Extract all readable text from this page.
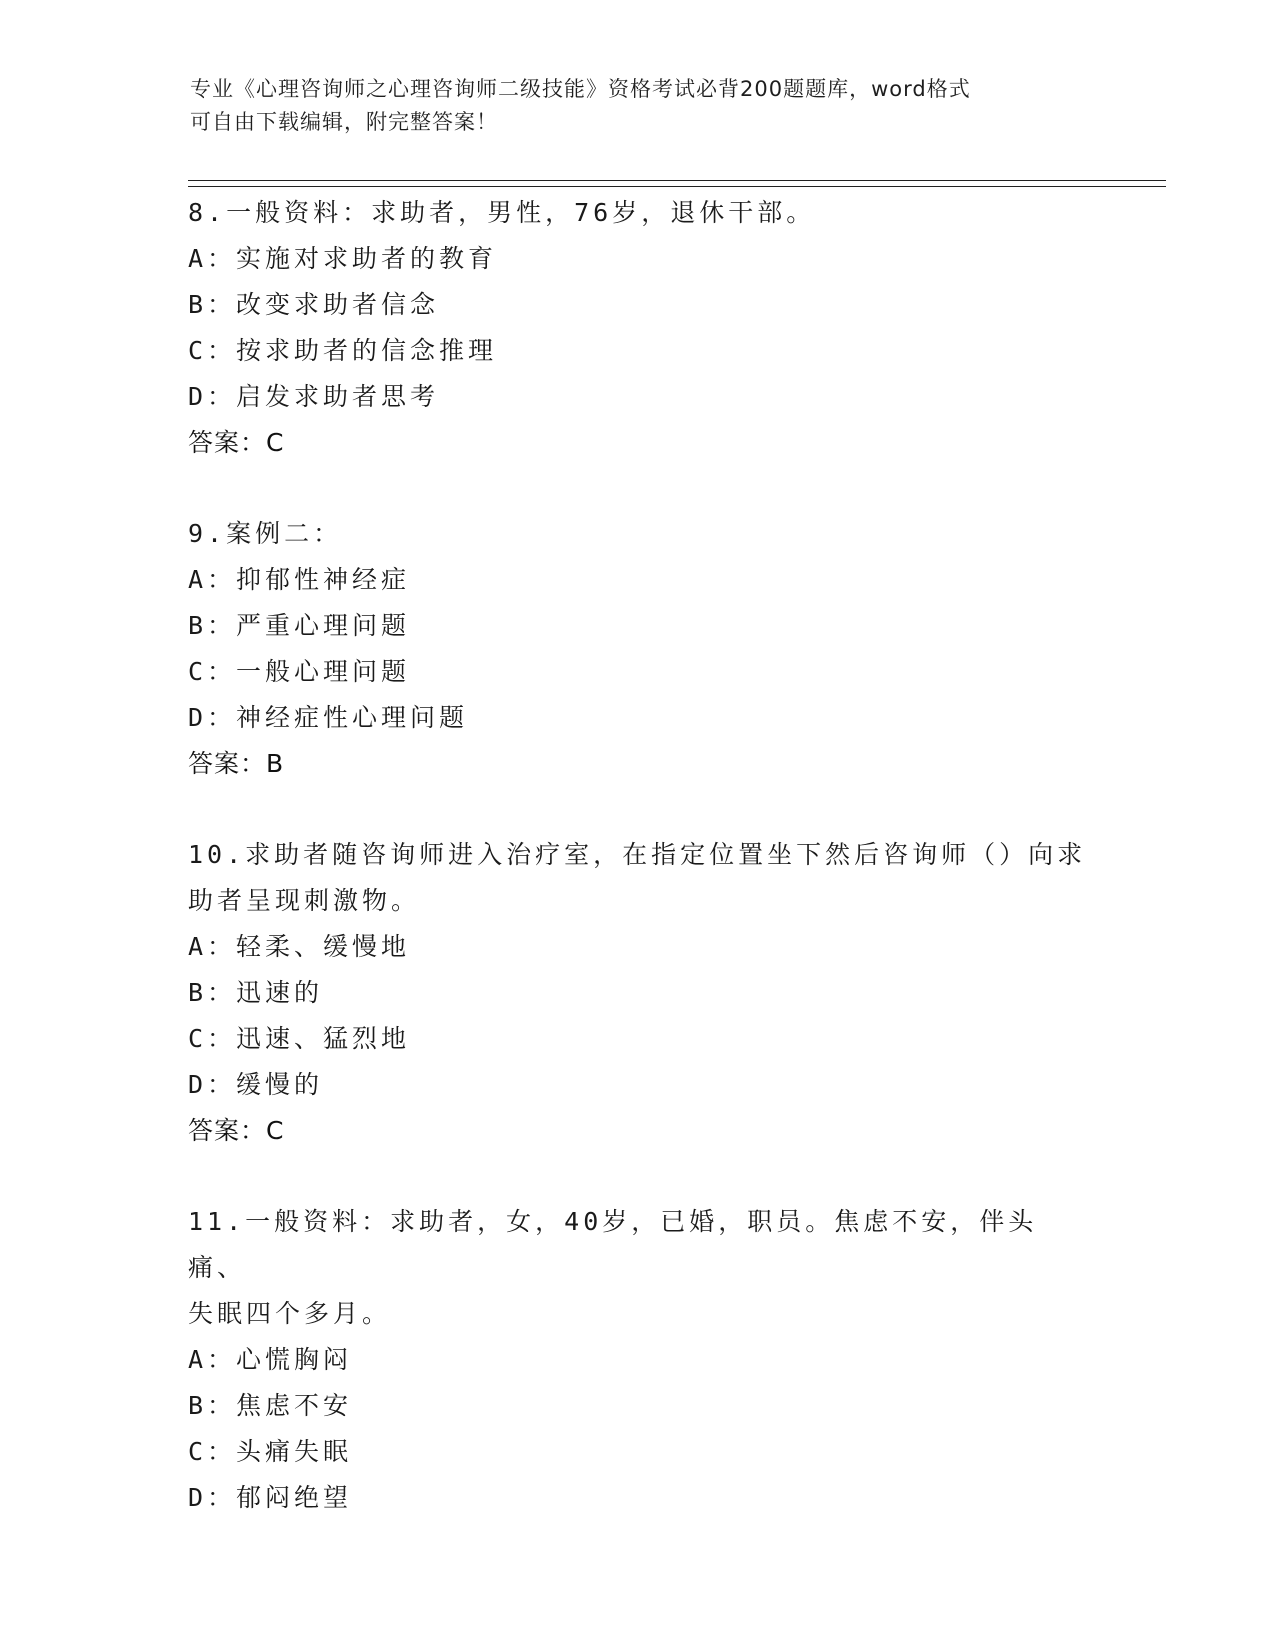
专业《心理咨询师之心理咨询师二级技能》资格考试必背200题题库，word格式
可自由下载编辑，附完整答案！
8.一般资料：求助者，男性，76岁，退休干部。
A：实施对求助者的教育
B：改变求助者信念
C：按求助者的信念推理
D：启发求助者思考
答案：C
9.案例二：
A：抑郁性神经症
B：严重心理问题
C：一般心理问题
D：神经症性心理问题
答案：B
10.求助者随咨询师进入治疗室，在指定位置坐下然后咨询师（）向求
助者呈现刺激物。
A：轻柔、缓慢地
B：迅速的
C：迅速、猛烈地
D：缓慢的
答案：C
11.一般资料：求助者，女，40岁，已婚，职员。焦虑不安，伴头痛、
失眠四个多月。
A：心慌胸闷
B：焦虑不安
C：头痛失眠
D：郁闷绝望
